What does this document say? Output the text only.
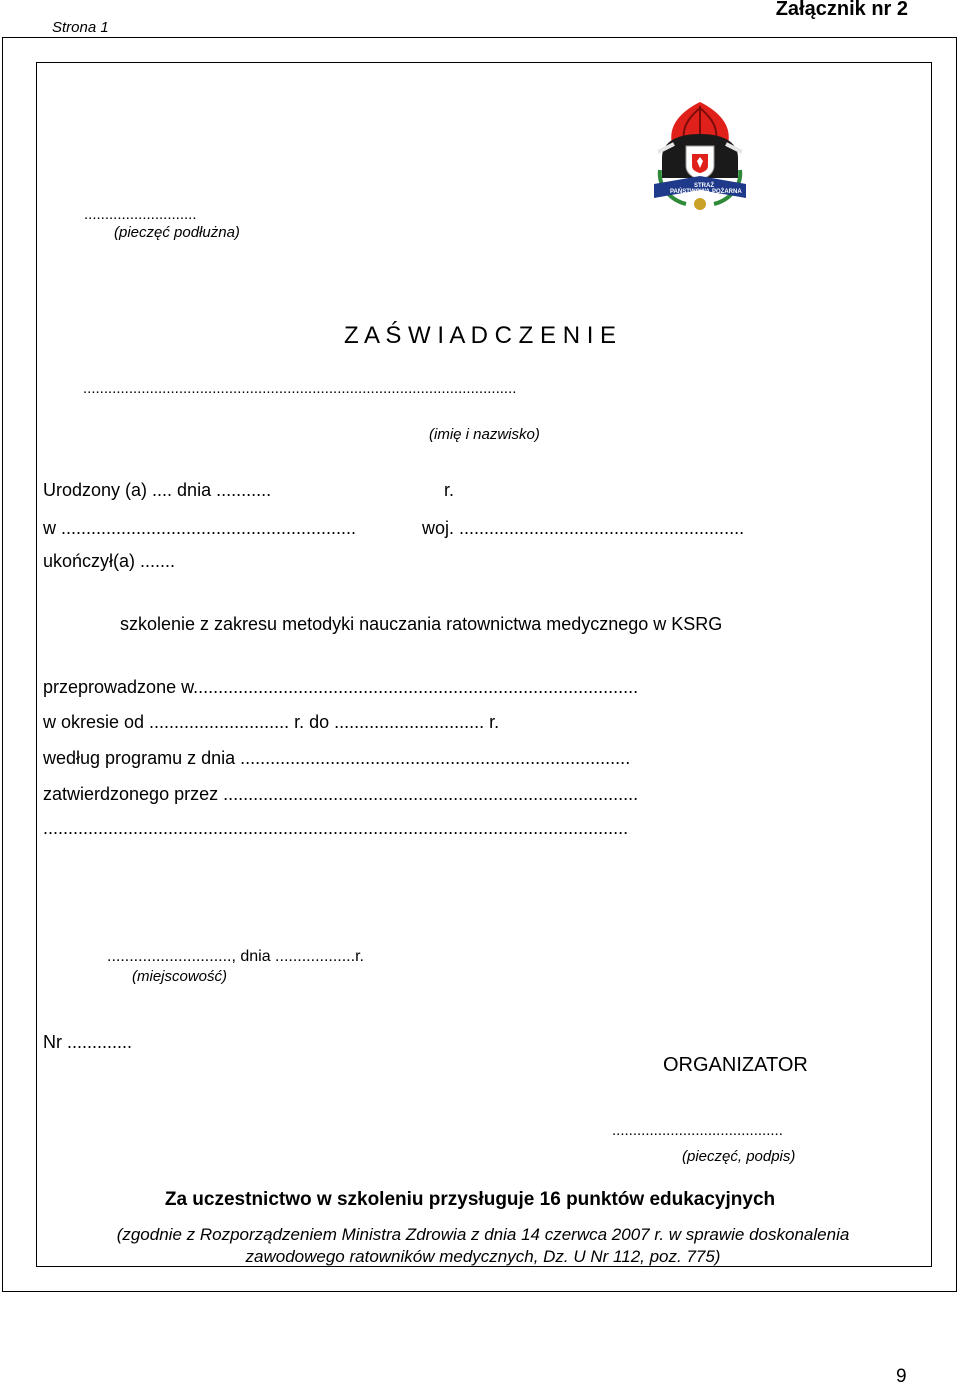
Strona 1
Załącznik nr 2
PAŃSTWOWA
STRAŻ
POŻARNA
...........................
(pieczęć podłużna)
Z A Ś W I A D C Z E N I E
........................................................................................................
(imię i nazwisko)
Urodzony (a) .... dnia ...........	r.
w ...........................................................	woj. .........................................................
ukończył(a) .......
szkolenie z zakresu metodyki nauczania ratownictwa medycznego w KSRG
przeprowadzone w.........................................................................................
w okresie od ............................ r. do .............................. r.
według programu z dnia ..............................................................................
zatwierdzonego przez ...................................................................................
.....................................................................................................................
............................, dnia ..................r.
(miejscowość)
Nr .............
ORGANIZATOR
.........................................
(pieczęć, podpis)
Za uczestnictwo w szkoleniu przysługuje 16 punktów edukacyjnych
(zgodnie z Rozporządzeniem Ministra Zdrowia z dnia 14 czerwca 2007 r. w sprawie doskonalenia
zawodowego ratowników medycznych, Dz. U Nr 112, poz. 775)
9
